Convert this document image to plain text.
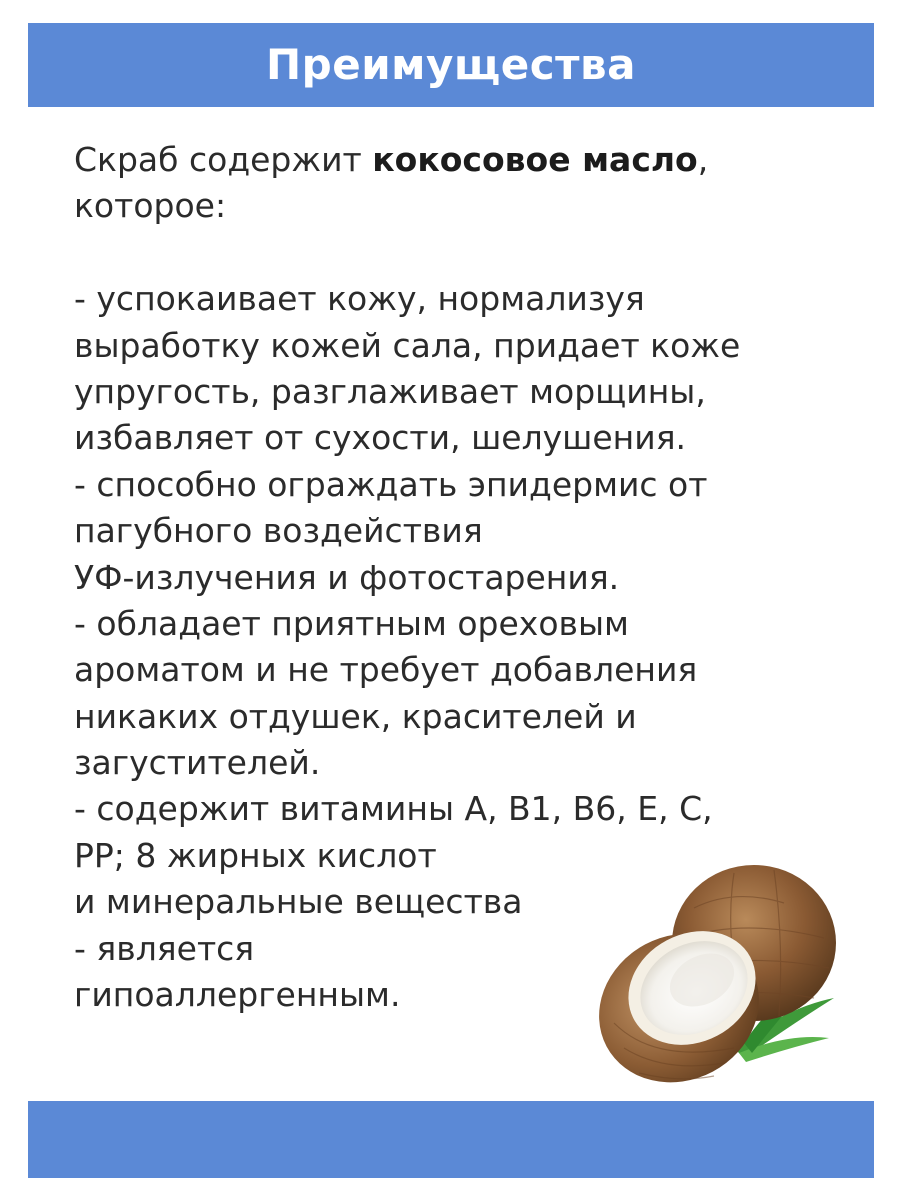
Преимущества
Скраб содержит кокосовое масло,
которое:
- успокаивает кожу, нормализуя
выработку кожей сала, придает коже
упругость, разглаживает морщины,
избавляет от сухости, шелушения.
- способно ограждать эпидермис от
пагубного воздействия
УФ-излучения и фотостарения.
- обладает приятным ореховым
ароматом и не требует добавления
никаких отдушек, красителей и
загустителей.
- содержит витамины А, В1, В6, Е, С,
РР; 8 жирных кислот
и минеральные вещества
- является
гипоаллергенным.
